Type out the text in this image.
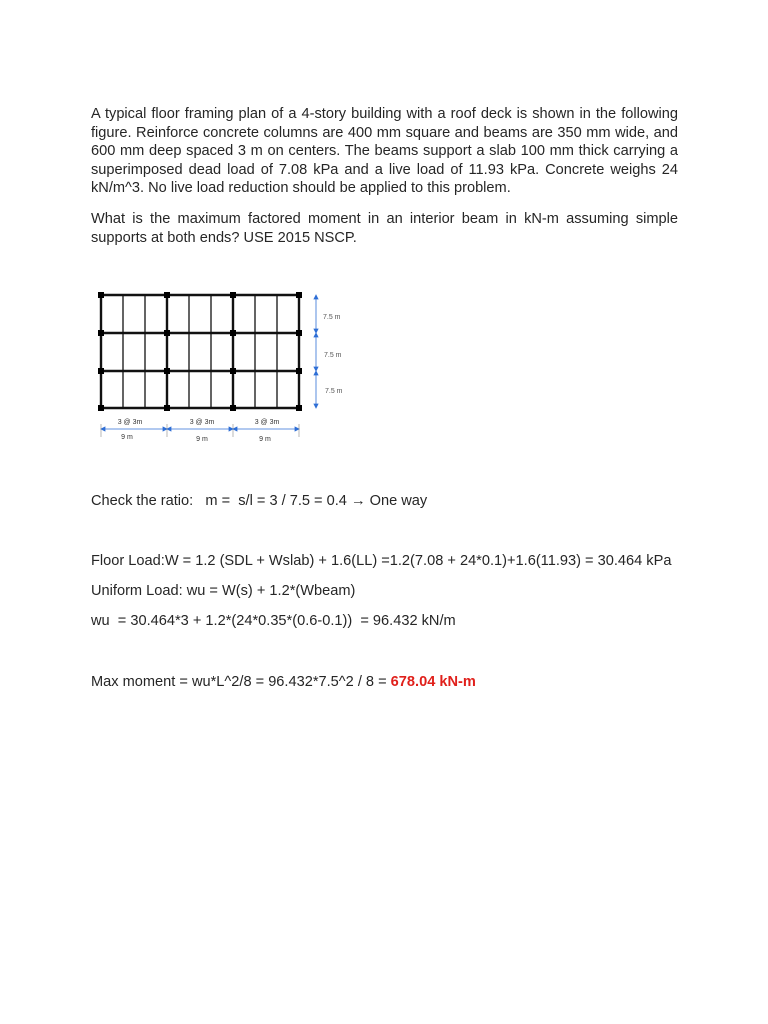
A typical floor framing plan of a 4-story building with a roof deck is shown in the following figure. Reinforce concrete columns are 400 mm square and beams are 350 mm wide, and 600 mm deep spaced 3 m on centers. The beams support a slab 100 mm thick carrying a superimposed dead load of 7.08 kPa and a live load of 11.93 kPa. Concrete weighs 24 kN/m^3. No live load reduction should be applied to this problem.

What is the maximum factored moment in an interior beam in kN-m assuming simple supports at both ends? USE 2015 NSCP.

7.5 m
7.5 m
7.5 m
3 @ 3m	3 @ 3m	3 @ 3m
9 m	9 m	9 m
Check the ratio:   m =  s/l = 3 / 7.5 = 0.4 → One way
Floor Load:W = 1.2 (SDL + Wslab) + 1.6(LL) =1.2(7.08 + 24*0.1)+1.6(11.93) = 30.464 kPa
Uniform Load: wu = W(s) + 1.2*(Wbeam)
wu  = 30.464*3 + 1.2*(24*0.35*(0.6-0.1))  = 96.432 kN/m
Max moment = wu*L^2/8 = 96.432*7.5^2 / 8 = 678.04 kN-m
